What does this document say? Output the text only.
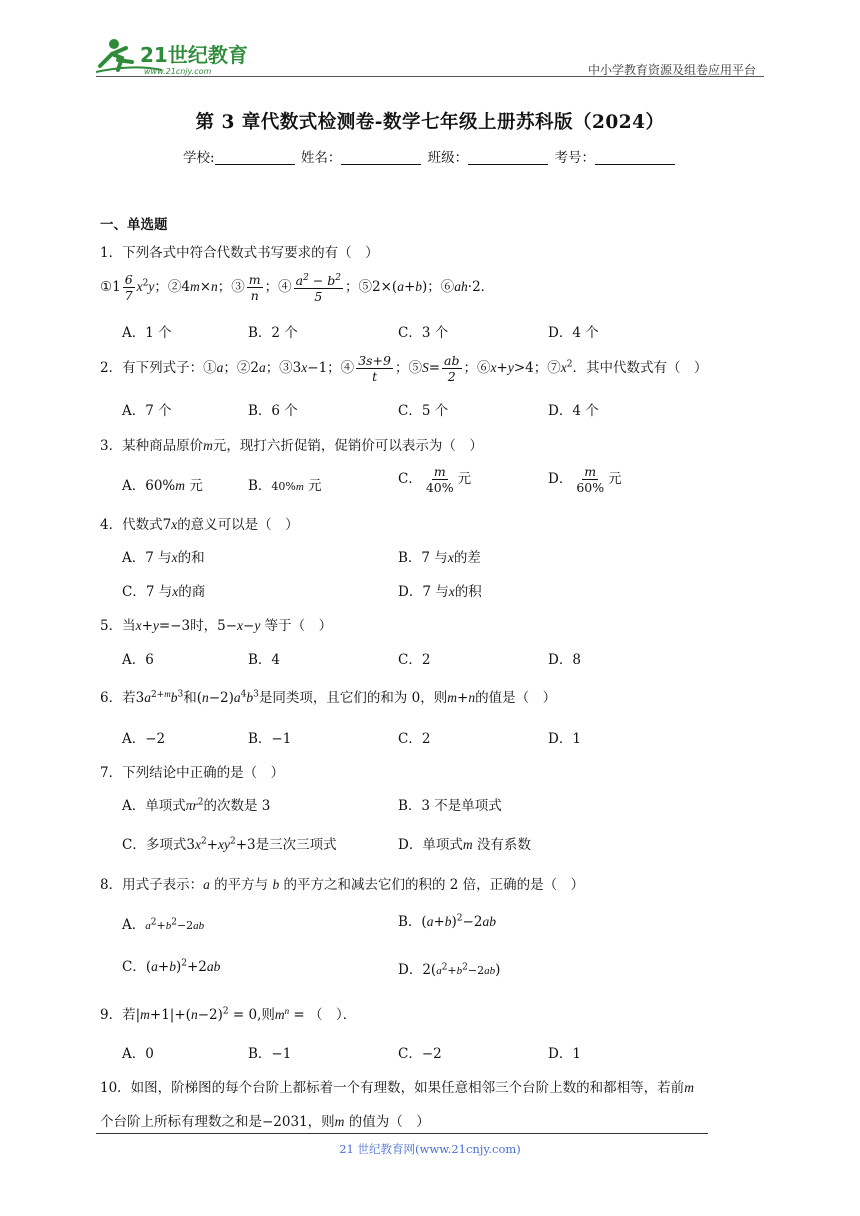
21世纪教育
www.21cnjy.com	中小学教育资源及组卷应用平台
第 3 章代数式检测卷-数学七年级上册苏科版（2024）
学校:	姓名：	班级：	考号：
一、单选题
1．下列各式中符合代数式书写要求的有（　）
①1 $\frac{6}{7} x^2y$；②4m×n；③ $\frac{m}{n}$ ；④ $\frac{a^2 - b^2}{5}$ ；⑤2×(a+b)；⑥ah·2．
A．1 个	B．2 个	C．3 个	D．4 个
2．有下列式子：①a；②2a；③3x−1；④ $\frac{3s+9}{t}$ ；⑤S= $\frac{ab}{2}$ ；⑥x+y>4；$⑦x^2$．其中代数式有（　）
A．7 个	B．6 个	C．5 个	D．4 个
3．某种商品原价m元，现打六折促销，促销价可以表示为（　）
A．60%m 元	B．40%m 元	C． $\frac{m}{40\%}$ 元	D． $\frac{m}{60\%}$ 元
4．代数式7x的意义可以是（　）
A．7 与x的和	B．7 与x的差
C．7 与x的商	D．7 与x的积
5．当x+y=−3时，5−x−y 等于（　）
A．6	B．4	C．2	D．8
6．若$3a^{2+m}b^3$和$(n-2)a^4b^3$是同类项，且它们的和为 0，则m+n的值是（　）
A．−2	B．−1	C．2	D．1
7．下列结论中正确的是（　）
A．单项式$\pi r^2$的次数是 3	B．3 不是单项式
C．多项式$3x^2+xy^2+3$是三次三项式	D．单项式m 没有系数
8．用式子表示：a 的平方与 b 的平方之和减去它们的积的 2 倍，正确的是（　）
A．$a^2+b^2-2ab$	B．$(a+b)^2-2ab$
C．$(a+b)^2+2ab$	D．$2(a^2+b^2-2ab)$
9．若$|m+1|+(n-2)^2 = 0$,则$m^n$ = （　）．
A．0	B．−1	C．−2	D．1
10．如图，阶梯图的每个台阶上都标着一个有理数，如果任意相邻三个台阶上数的和都相等，若前m
个台阶上所标有理数之和是−2031，则m 的值为（　）
21 世纪教育网(www.21cnjy.com)
